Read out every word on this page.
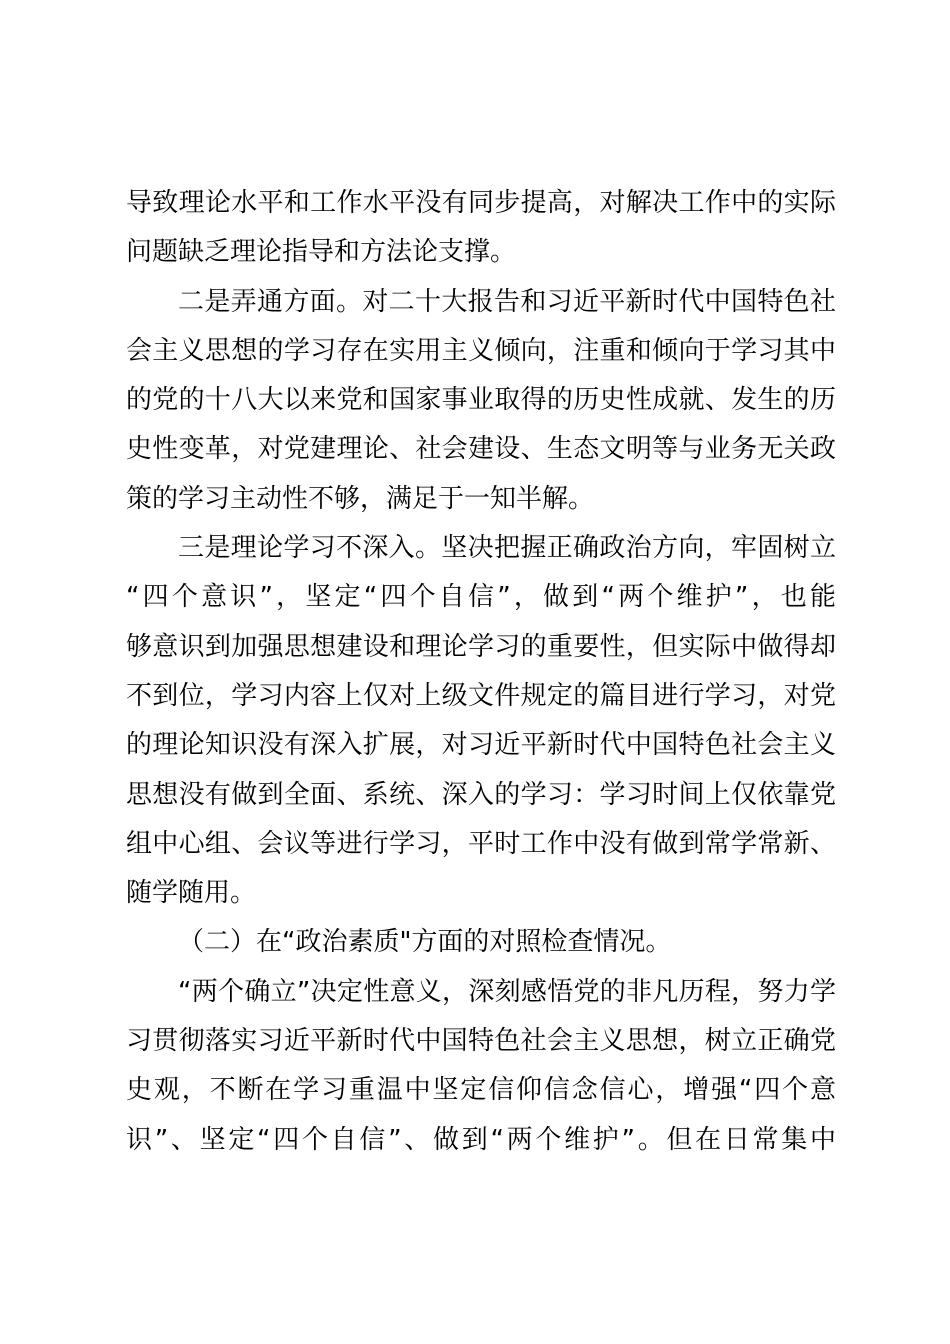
导致理论水平和工作水平没有同步提高，对解决工作中的实际
问题缺乏理论指导和方法论支撑。
二是弄通方面。对二十大报告和习近平新时代中国特色社
会主义思想的学习存在实用主义倾向，注重和倾向于学习其中
的党的十八大以来党和国家事业取得的历史性成就、发生的历
史性变革，对党建理论、社会建设、生态文明等与业务无关政
策的学习主动性不够，满足于一知半解。
三是理论学习不深入。坚决把握正确政治方向，牢固树立
“四个意识”，坚定“四个自信”，做到“两个维护”，也能
够意识到加强思想建设和理论学习的重要性，但实际中做得却
不到位，学习内容上仅对上级文件规定的篇目进行学习，对党
的理论知识没有深入扩展，对习近平新时代中国特色社会主义
思想没有做到全面、系统、深入的学习：学习时间上仅依靠党
组中心组、会议等进行学习，平时工作中没有做到常学常新、
随学随用。
（二）在“政治素质"方面的对照检查情况。
“两个确立”决定性意义，深刻感悟党的非凡历程，努力学
习贯彻落实习近平新时代中国特色社会主义思想，树立正确党
史观，不断在学习重温中坚定信仰信念信心，增强“四个意
识”、坚定“四个自信”、做到“两个维护”。但在日常集中
